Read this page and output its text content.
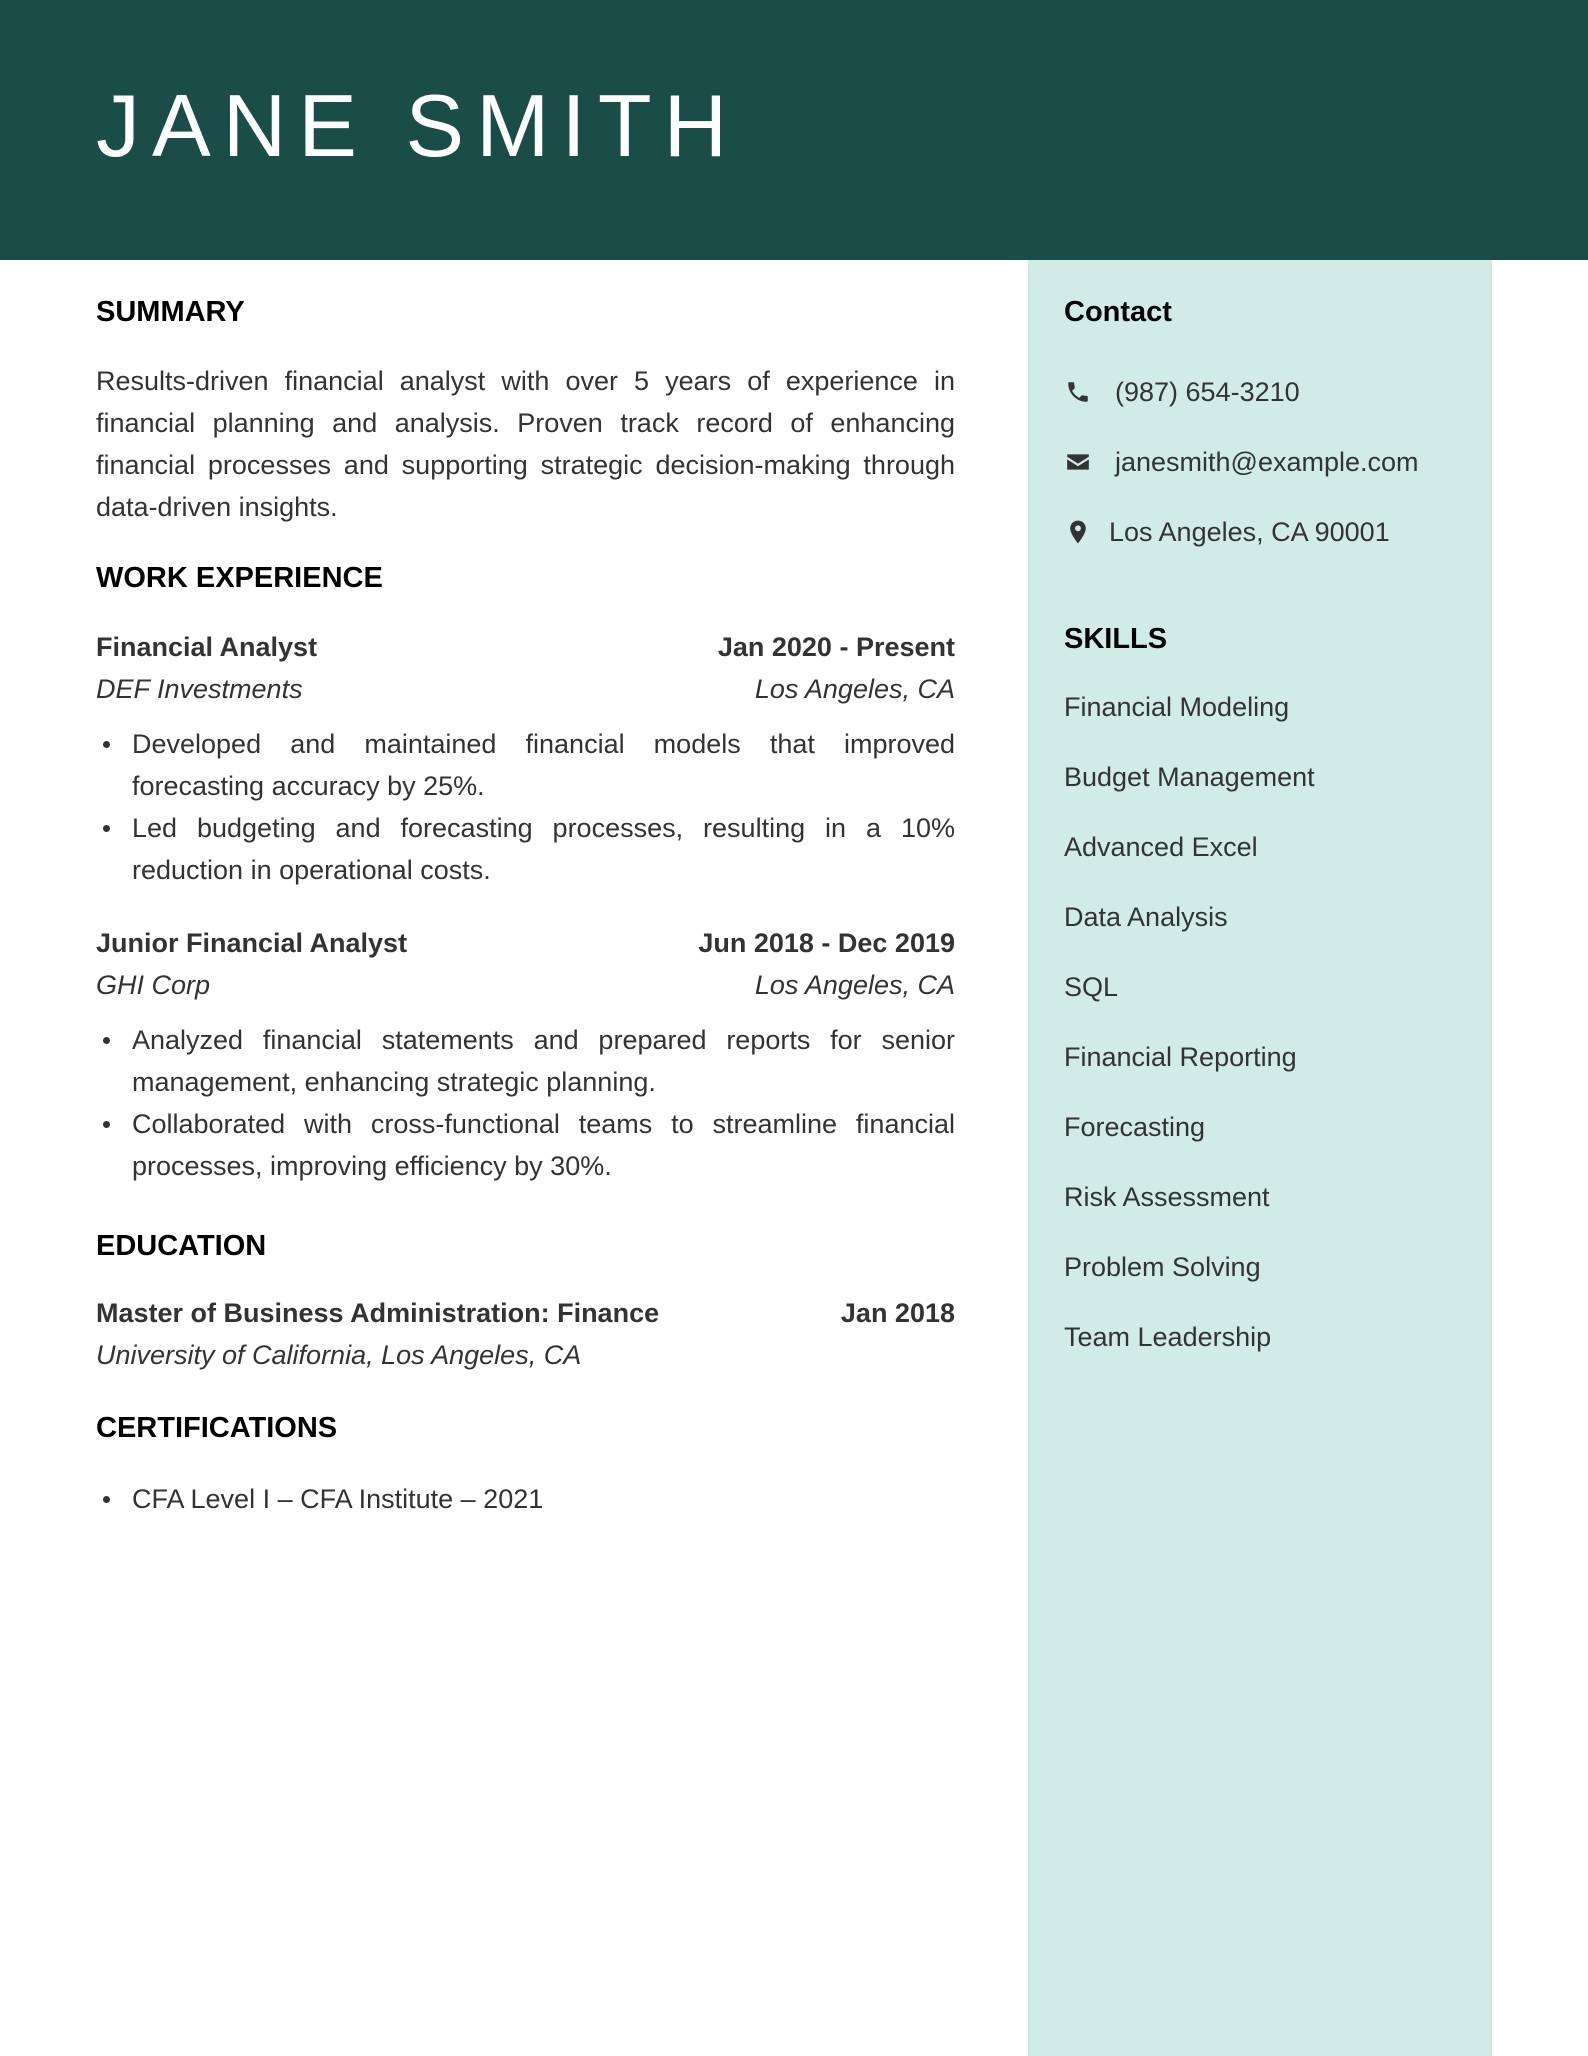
JANE SMITH
SUMMARY
Results-driven financial analyst with over 5 years of experience in financial planning and analysis. Proven track record of enhancing financial processes and supporting strategic decision-making through data-driven insights.
WORK EXPERIENCE
Financial Analyst	Jan 2020 - Present
DEF Investments	Los Angeles, CA
Developed and maintained financial models that improved forecasting accuracy by 25%.
Led budgeting and forecasting processes, resulting in a 10% reduction in operational costs.
Junior Financial Analyst	Jun 2018 - Dec 2019
GHI Corp	Los Angeles, CA
Analyzed financial statements and prepared reports for senior management, enhancing strategic planning.
Collaborated with cross-functional teams to streamline financial processes, improving efficiency by 30%.
EDUCATION
Master of Business Administration: Finance	Jan 2018
University of California, Los Angeles, CA
CERTIFICATIONS
CFA Level I – CFA Institute – 2021
Contact
(987) 654-3210
janesmith@example.com
Los Angeles, CA 90001
SKILLS
Financial Modeling
Budget Management
Advanced Excel
Data Analysis
SQL
Financial Reporting
Forecasting
Risk Assessment
Problem Solving
Team Leadership
